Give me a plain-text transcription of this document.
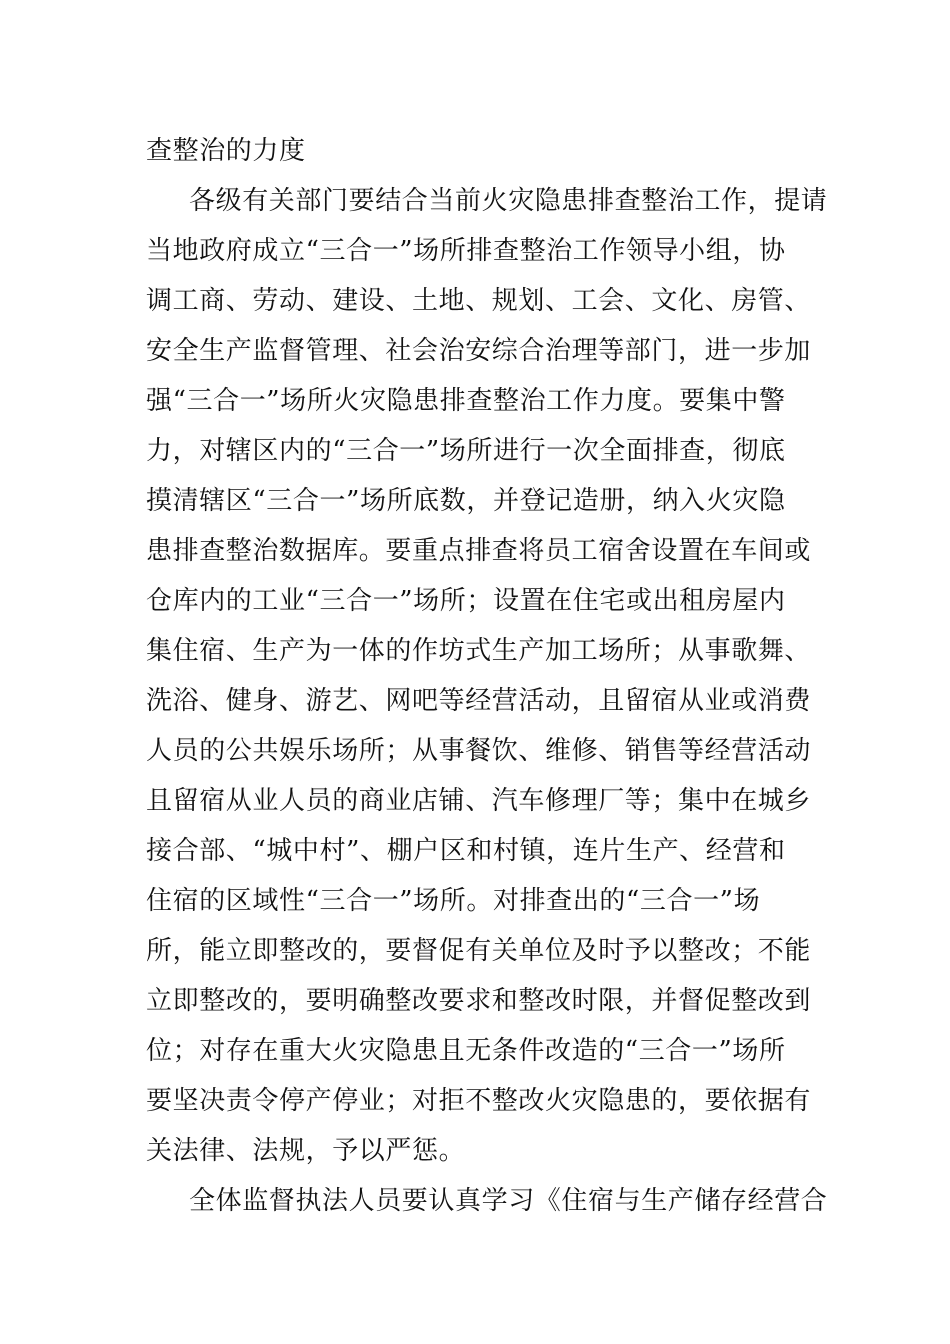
查整治的力度
各级有关部门要结合当前火灾隐患排查整治工作，提请
当地政府成立“三合一”场所排查整治工作领导小组，协
调工商、劳动、建设、土地、规划、工会、文化、房管、
安全生产监督管理、社会治安综合治理等部门，进一步加
强“三合一”场所火灾隐患排查整治工作力度。要集中警
力，对辖区内的“三合一”场所进行一次全面排查，彻底
摸清辖区“三合一”场所底数，并登记造册，纳入火灾隐
患排查整治数据库。要重点排查将员工宿舍设置在车间或
仓库内的工业“三合一”场所；设置在住宅或出租房屋内
集住宿、生产为一体的作坊式生产加工场所；从事歌舞、
洗浴、健身、游艺、网吧等经营活动，且留宿从业或消费
人员的公共娱乐场所；从事餐饮、维修、销售等经营活动
且留宿从业人员的商业店铺、汽车修理厂等；集中在城乡
接合部、“城中村”、棚户区和村镇，连片生产、经营和
住宿的区域性“三合一”场所。对排查出的“三合一”场
所，能立即整改的，要督促有关单位及时予以整改；不能
立即整改的，要明确整改要求和整改时限，并督促整改到
位；对存在重大火灾隐患且无条件改造的“三合一”场所
要坚决责令停产停业；对拒不整改火灾隐患的，要依据有
关法律、法规，予以严惩。
全体监督执法人员要认真学习《住宿与生产储存经营合
